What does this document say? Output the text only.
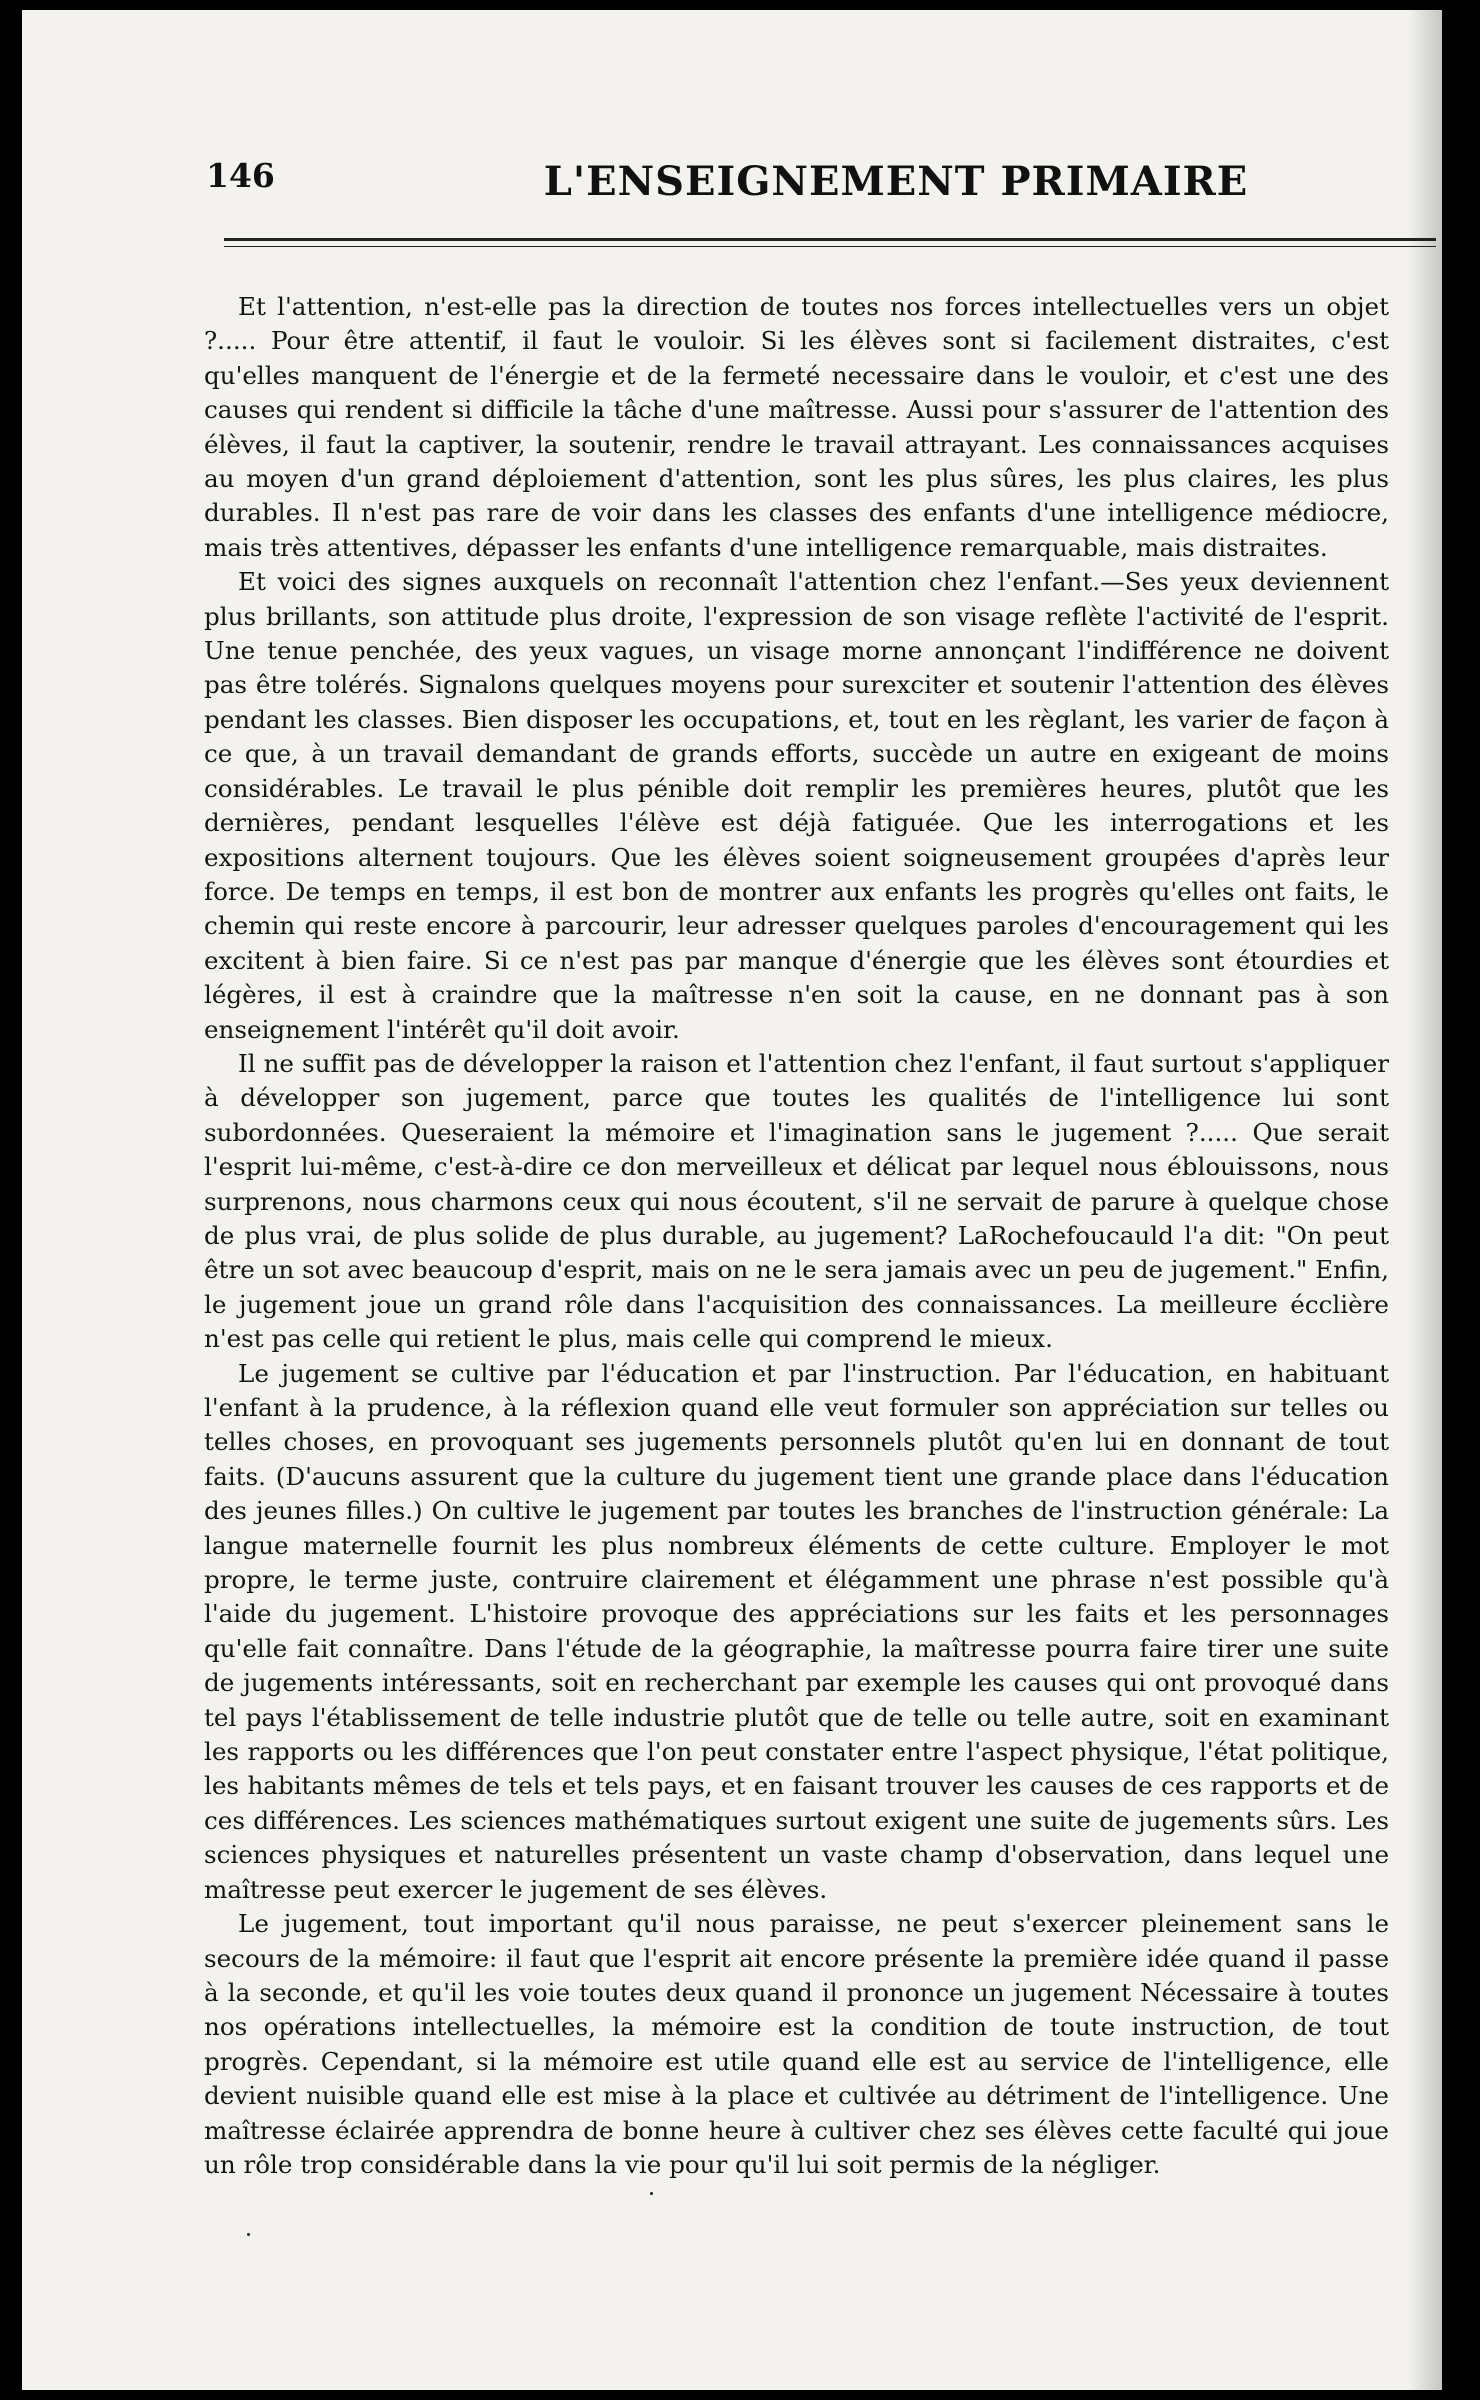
146	L'ENSEIGNEMENT PRIMAIRE

Et l'attention, n'est-elle pas la direction de toutes nos forces intellectuelles vers un objet ?..... Pour être attentif, il faut le vouloir. Si les élèves sont si facilement distraites, c'est qu'elles manquent de l'énergie et de la fermeté necessaire dans le vouloir, et c'est une des causes qui rendent si difficile la tâche d'une maîtresse. Aussi pour s'assurer de l'attention des élèves, il faut la captiver, la soutenir, rendre le travail attrayant. Les connaissances acquises au moyen d'un grand déploiement d'attention, sont les plus sûres, les plus claires, les plus durables. Il n'est pas rare de voir dans les classes des enfants d'une intelligence médiocre, mais très attentives, dépasser les enfants d'une intelligence remarquable, mais distraites.

Et voici des signes auxquels on reconnaît l'attention chez l'enfant.—Ses yeux deviennent plus brillants, son attitude plus droite, l'expression de son visage reflète l'activité de l'esprit. Une tenue penchée, des yeux vagues, un visage morne annonçant l'indifférence ne doivent pas être tolérés. Signalons quelques moyens pour surexciter et soutenir l'attention des élèves pendant les classes. Bien disposer les occupations, et, tout en les règlant, les varier de façon à ce que, à un travail demandant de grands efforts, succède un autre en exigeant de moins considérables. Le travail le plus pénible doit remplir les premières heures, plutôt que les dernières, pendant lesquelles l'élève est déjà fatiguée. Que les interrogations et les expositions alternent toujours. Que les élèves soient soigneusement groupées d'après leur force. De temps en temps, il est bon de montrer aux enfants les progrès qu'elles ont faits, le chemin qui reste encore à parcourir, leur adresser quelques paroles d'encouragement qui les excitent à bien faire. Si ce n'est pas par manque d'énergie que les élèves sont étourdies et légères, il est à craindre que la maîtresse n'en soit la cause, en ne donnant pas à son enseignement l'intérêt qu'il doit avoir.

Il ne suffit pas de développer la raison et l'attention chez l'enfant, il faut surtout s'appliquer à développer son jugement, parce que toutes les qualités de l'intelligence lui sont subordonnées. Queseraient la mémoire et l'imagination sans le jugement ?..... Que serait l'esprit lui-même, c'est-à-dire ce don merveilleux et délicat par lequel nous éblouissons, nous surprenons, nous charmons ceux qui nous écoutent, s'il ne servait de parure à quelque chose de plus vrai, de plus solide de plus durable, au jugement? LaRochefoucauld l'a dit: "On peut être un sot avec beaucoup d'esprit, mais on ne le sera jamais avec un peu de jugement." Enfin, le jugement joue un grand rôle dans l'acquisition des connaissances. La meilleure écclière n'est pas celle qui retient le plus, mais celle qui comprend le mieux.

Le jugement se cultive par l'éducation et par l'instruction. Par l'éducation, en habituant l'enfant à la prudence, à la réflexion quand elle veut formuler son appréciation sur telles ou telles choses, en provoquant ses jugements personnels plutôt qu'en lui en donnant de tout faits. (D'aucuns assurent que la culture du jugement tient une grande place dans l'éducation des jeunes filles.) On cultive le jugement par toutes les branches de l'instruction générale: La langue maternelle fournit les plus nombreux éléments de cette culture. Employer le mot propre, le terme juste, contruire clairement et élégamment une phrase n'est possible qu'à l'aide du jugement. L'histoire provoque des appréciations sur les faits et les personnages qu'elle fait connaître. Dans l'étude de la géographie, la maîtresse pourra faire tirer une suite de jugements intéressants, soit en recherchant par exemple les causes qui ont provoqué dans tel pays l'établissement de telle industrie plutôt que de telle ou telle autre, soit en examinant les rapports ou les différences que l'on peut constater entre l'aspect physique, l'état politique, les habitants mêmes de tels et tels pays, et en faisant trouver les causes de ces rapports et de ces différences. Les sciences mathématiques surtout exigent une suite de jugements sûrs. Les sciences physiques et naturelles présentent un vaste champ d'observation, dans lequel une maîtresse peut exercer le jugement de ses élèves.

Le jugement, tout important qu'il nous paraisse, ne peut s'exercer pleinement sans le secours de la mémoire: il faut que l'esprit ait encore présente la première idée quand il passe à la seconde, et qu'il les voie toutes deux quand il prononce un jugement Nécessaire à toutes nos opérations intellectuelles, la mémoire est la condition de toute instruction, de tout progrès. Cependant, si la mémoire est utile quand elle est au service de l'intelligence, elle devient nuisible quand elle est mise à la place et cultivée au détriment de l'intelligence. Une maîtresse éclairée apprendra de bonne heure à cultiver chez ses élèves cette faculté qui joue un rôle trop considérable dans la vie pour qu'il lui soit permis de la négliger.
